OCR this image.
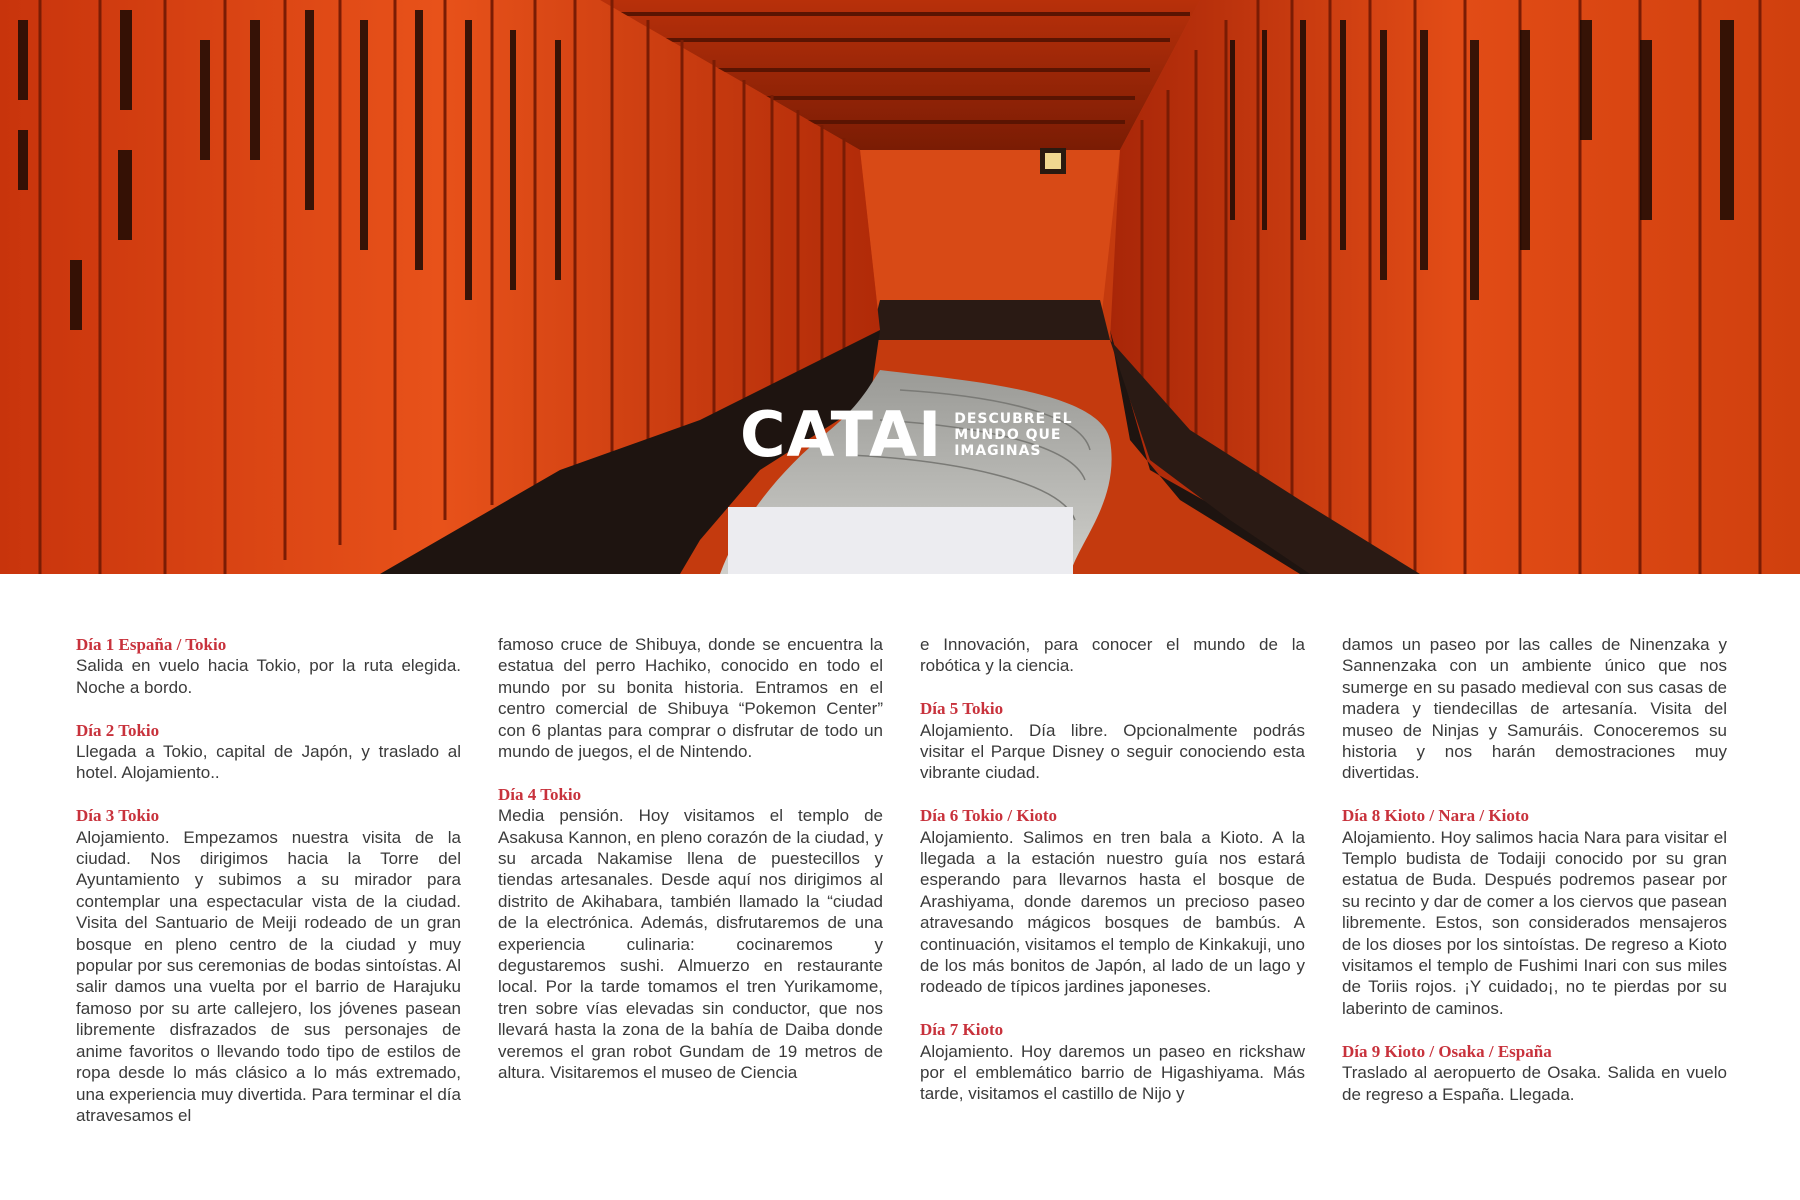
CATAI DESCUBRE EL
MUNDO QUE
IMAGINAS

Día 1 España / Tokio
Salida en vuelo hacia Tokio, por la ruta elegida. Noche a bordo.

Día 2 Tokio
Llegada a Tokio, capital de Japón, y traslado al hotel. Alojamiento..

Día 3 Tokio
Alojamiento. Empezamos nuestra visita de la ciudad. Nos dirigimos hacia la Torre del Ayuntamiento y subimos a su mirador para contemplar una espectacular vista de la ciudad. Visita del Santuario de Meiji rodeado de un gran bosque en pleno centro de la ciudad y muy popular por sus ceremonias de bodas sintoístas. Al salir damos una vuelta por el barrio de Harajuku famoso por su arte callejero, los jóvenes pasean libremente disfrazados de sus personajes de anime favoritos o llevando todo tipo de estilos de ropa desde lo más clásico a lo más extremado, una experiencia muy divertida. Para terminar el día atravesamos el

famoso cruce de Shibuya, donde se encuentra la estatua del perro Hachiko, conocido en todo el mundo por su bonita historia. Entramos en el centro comercial de Shibuya “Pokemon Center” con 6 plantas para comprar o disfrutar de todo un mundo de juegos, el de Nintendo.

Día 4 Tokio
Media pensión. Hoy visitamos el templo de Asakusa Kannon, en pleno corazón de la ciudad, y su arcada Nakamise llena de puestecillos y tiendas artesanales. Desde aquí nos dirigimos al distrito de Akihabara, también llamado la “ciudad de la electrónica. Además, disfrutaremos de una experiencia culinaria: cocinaremos y degustaremos sushi. Almuerzo en restaurante local. Por la tarde tomamos el tren Yurikamome, tren sobre vías elevadas sin conductor, que nos llevará hasta la zona de la bahía de Daiba donde veremos el gran robot Gundam de 19 metros de altura. Visitaremos el museo de Ciencia

e Innovación, para conocer el mundo de la robótica y la ciencia.

Día 5 Tokio
Alojamiento. Día libre. Opcionalmente podrás visitar el Parque Disney o seguir conociendo esta vibrante ciudad.

Día 6 Tokio / Kioto
Alojamiento. Salimos en tren bala a Kioto. A la llegada a la estación nuestro guía nos estará esperando para llevarnos hasta el bosque de Arashiyama, donde daremos un precioso paseo atravesando mágicos bosques de bambús. A continuación, visitamos el templo de Kinkakuji, uno de los más bonitos de Japón, al lado de un lago y rodeado de típicos jardines japoneses.

Día 7 Kioto
Alojamiento. Hoy daremos un paseo en rickshaw por el emblemático barrio de Higashiyama. Más tarde, visitamos el castillo de Nijo y

damos un paseo por las calles de Ninenzaka y Sannenzaka con un ambiente único que nos sumerge en su pasado medieval con sus casas de madera y tiendecillas de artesanía. Visita del museo de Ninjas y Samuráis. Conoceremos su historia y nos harán demostraciones muy divertidas.

Día 8 Kioto / Nara / Kioto
Alojamiento. Hoy salimos hacia Nara para visitar el Templo budista de Todaiji conocido por su gran estatua de Buda. Después podremos pasear por su recinto y dar de comer a los ciervos que pasean libremente. Estos, son considerados mensajeros de los dioses por los sintoístas. De regreso a Kioto visitamos el templo de Fushimi Inari con sus miles de Toriis rojos. ¡Y cuidado¡, no te pierdas por su laberinto de caminos.

Día 9 Kioto / Osaka / España
Traslado al aeropuerto de Osaka. Salida en vuelo de regreso a España. Llegada.
